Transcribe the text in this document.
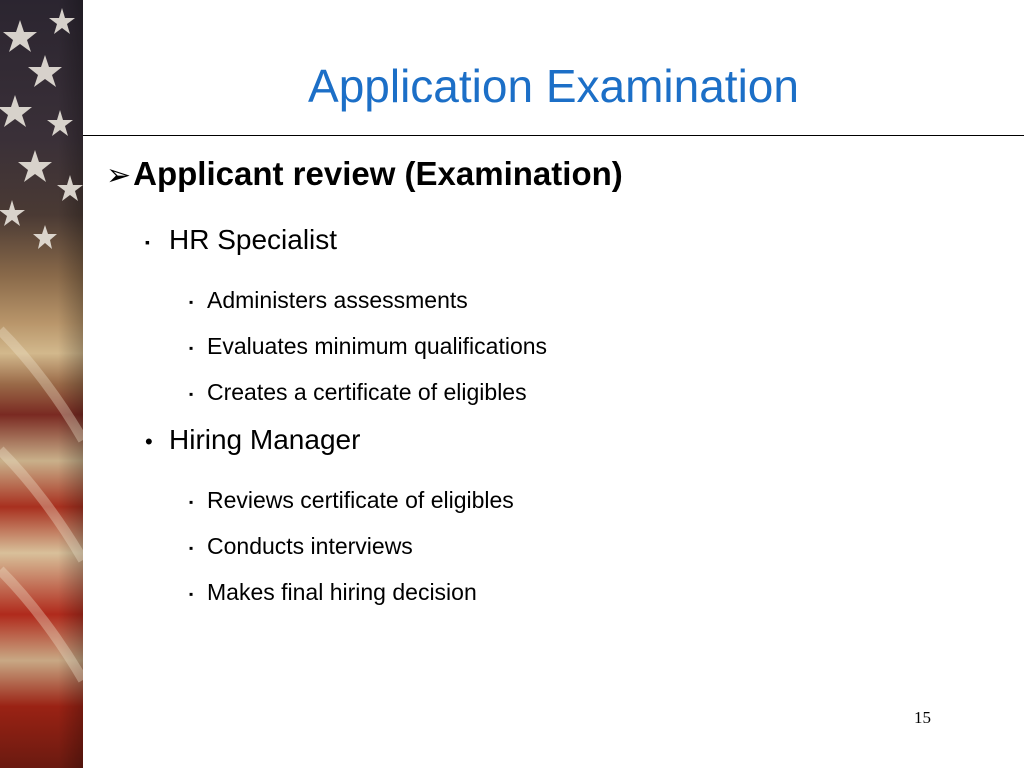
Application Examination
➢Applicant review (Examination)
▪ HR Specialist
▪ Administers assessments
▪ Evaluates minimum qualifications
▪ Creates a certificate of eligibles
• Hiring Manager
▪ Reviews certificate of eligibles
▪ Conducts interviews
▪ Makes final hiring decision
15
